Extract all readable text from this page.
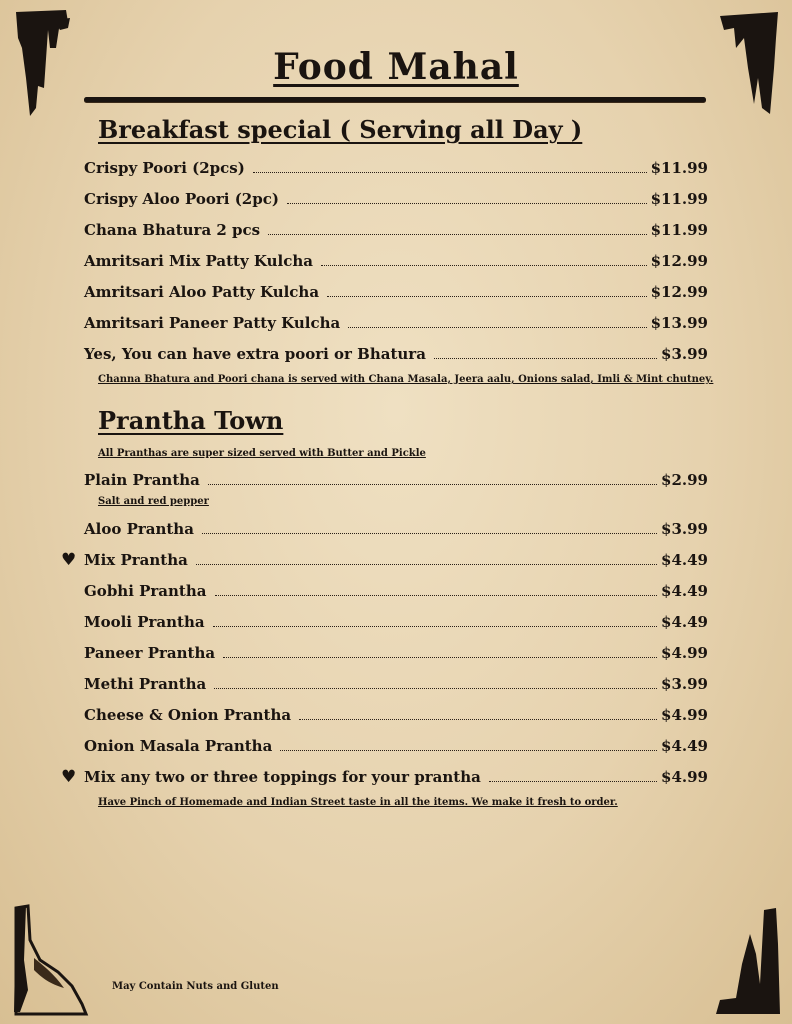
Food Mahal
Breakfast special ( Serving all Day )
Crispy Poori (2pcs)	$11.99
Crispy Aloo Poori (2pc)	$11.99
Chana Bhatura 2 pcs	$11.99
Amritsari Mix Patty Kulcha	$12.99
Amritsari Aloo Patty Kulcha	$12.99
Amritsari Paneer Patty Kulcha	$13.99
Yes, You can have extra poori or Bhatura	$3.99
Channa Bhatura and Poori chana is served with Chana Masala, Jeera aalu, Onions salad, Imli & Mint chutney.
Prantha Town
All Pranthas are super sized served with Butter and Pickle
Plain Prantha	$2.99
Salt and red pepper
Aloo Prantha	$3.99
♥ Mix Prantha	$4.49
Gobhi Prantha	$4.49
Mooli Prantha	$4.49
Paneer Prantha	$4.99
Methi Prantha	$3.99
Cheese & Onion Prantha	$4.99
Onion Masala Prantha	$4.49
♥ Mix any two or three toppings for your prantha	$4.99
Have Pinch of Homemade and Indian Street taste in all the items. We make it fresh to order.
May Contain Nuts and Gluten
